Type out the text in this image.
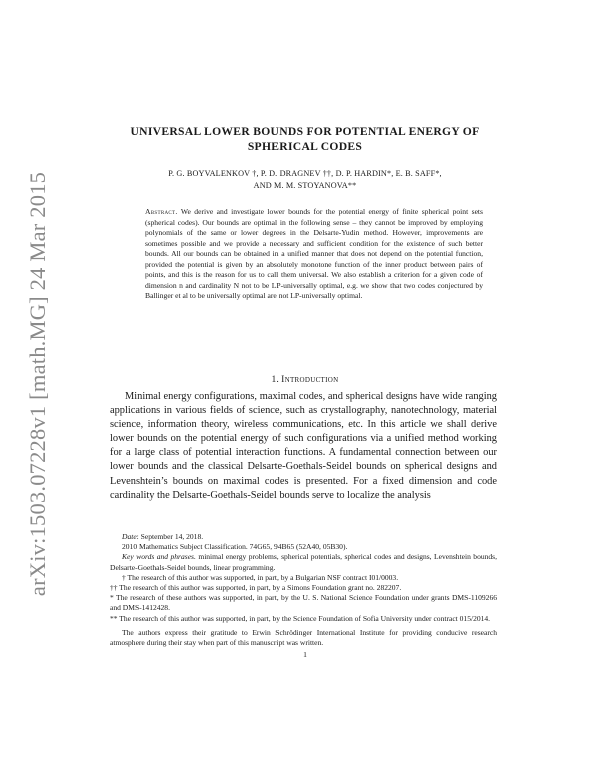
arXiv:1503.07228v1 [math.MG] 24 Mar 2015
UNIVERSAL LOWER BOUNDS FOR POTENTIAL ENERGY OF
SPHERICAL CODES
P. G. BOYVALENKOV †, P. D. DRAGNEV ††, D. P. HARDIN*, E. B. SAFF*,
AND M. M. STOYANOVA**
Abstract. We derive and investigate lower bounds for the potential energy of finite spherical point sets (spherical codes). Our bounds are optimal in the following sense – they cannot be improved by employing polynomials of the same or lower degrees in the Delsarte-Yudin method. However, improvements are sometimes possible and we provide a necessary and sufficient condition for the existence of such better bounds. All our bounds can be obtained in a unified manner that does not depend on the potential function, provided the potential is given by an absolutely monotone function of the inner product between pairs of points, and this is the reason for us to call them universal. We also establish a criterion for a given code of dimension n and cardinality N not to be LP-universally optimal, e.g. we show that two codes conjectured by Ballinger et al to be universally optimal are not LP-universally optimal.
1. Introduction
Minimal energy configurations, maximal codes, and spherical designs have wide ranging applications in various fields of science, such as crystallography, nanotechnology, material science, information theory, wireless communications, etc. In this article we shall derive lower bounds on the potential energy of such configurations via a unified method working for a large class of potential interaction functions. A fundamental connection between our lower bounds and the classical Delsarte-Goethals-Seidel bounds on spherical designs and Levenshtein’s bounds on maximal codes is presented. For a fixed dimension and code cardinality the Delsarte-Goethals-Seidel bounds serve to localize the analysis

Date: September 14, 2018.

2010 Mathematics Subject Classification. 74G65, 94B65 (52A40, 05B30).

Key words and phrases. minimal energy problems, spherical potentials, spherical codes and designs, Levenshtein bounds, Delsarte-Goethals-Seidel bounds, linear programming.

† The research of this author was supported, in part, by a Bulgarian NSF contract I01/0003.

†† The research of this author was supported, in part, by a Simons Foundation grant no. 282207.

* The research of these authors was supported, in part, by the U. S. National Science Foundation under grants DMS-1109266 and DMS-1412428.

** The research of this author was supported, in part, by the Science Foundation of Sofia University under contract 015/2014.

The authors express their gratitude to Erwin Schrödinger International Institute for providing conducive research atmosphere during their stay when part of this manuscript was written.

1
